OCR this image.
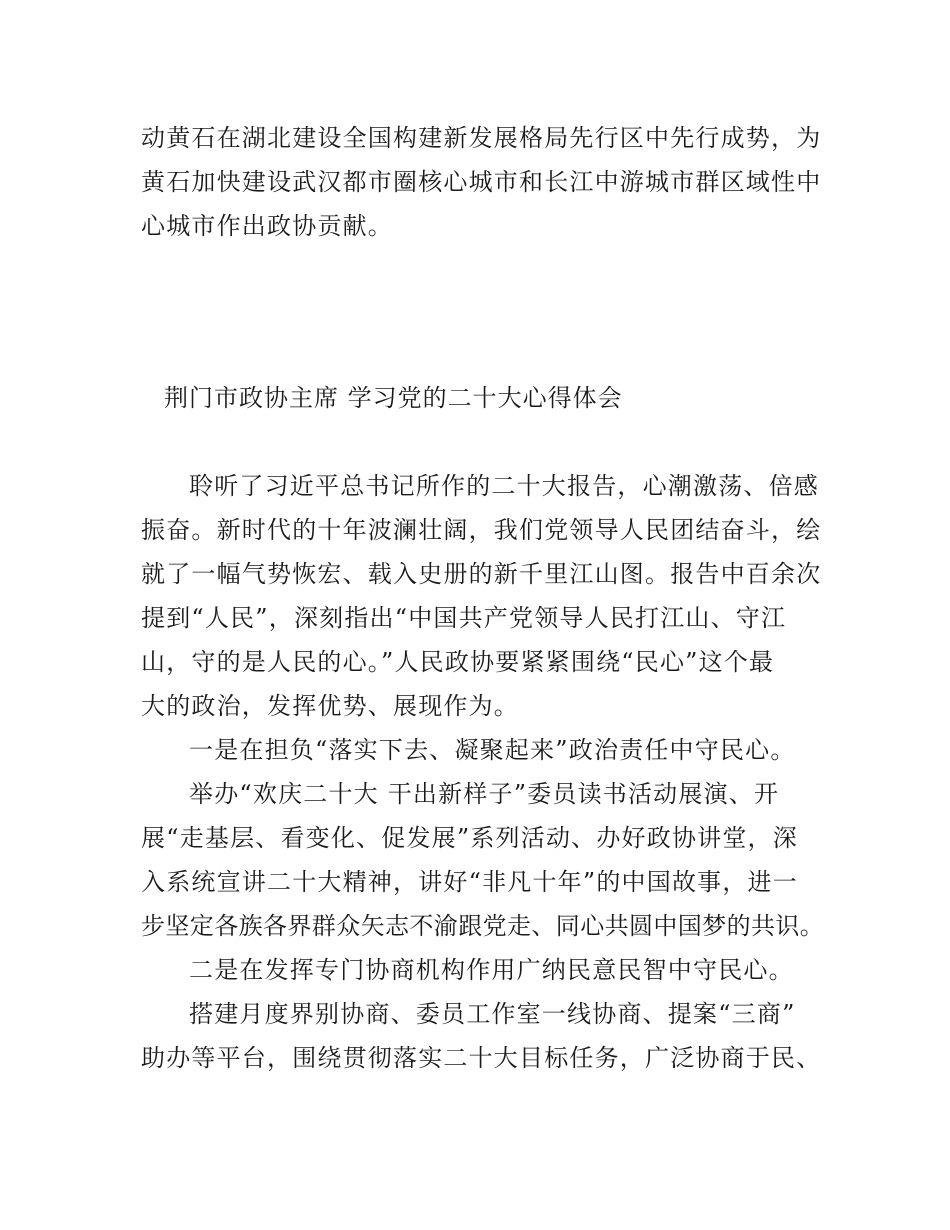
动黄石在湖北建设全国构建新发展格局先行区中先行成势，为
黄石加快建设武汉都市圈核心城市和长江中游城市群区域性中
心城市作出政协贡献。
荆门市政协主席 学习党的二十大心得体会
聆听了习近平总书记所作的二十大报告，心潮激荡、倍感
振奋。新时代的十年波澜壮阔，我们党领导人民团结奋斗，绘
就了一幅气势恢宏、载入史册的新千里江山图。报告中百余次
提到“人民”，深刻指出“中国共产党领导人民打江山、守江
山，守的是人民的心。”人民政协要紧紧围绕“民心”这个最
大的政治，发挥优势、展现作为。
一是在担负“落实下去、凝聚起来”政治责任中守民心。
举办“欢庆二十大 干出新样子”委员读书活动展演、开
展“走基层、看变化、促发展”系列活动、办好政协讲堂，深
入系统宣讲二十大精神，讲好“非凡十年”的中国故事，进一
步坚定各族各界群众矢志不渝跟党走、同心共圆中国梦的共识。
二是在发挥专门协商机构作用广纳民意民智中守民心。
搭建月度界别协商、委员工作室一线协商、提案“三商”
助办等平台，围绕贯彻落实二十大目标任务，广泛协商于民、
